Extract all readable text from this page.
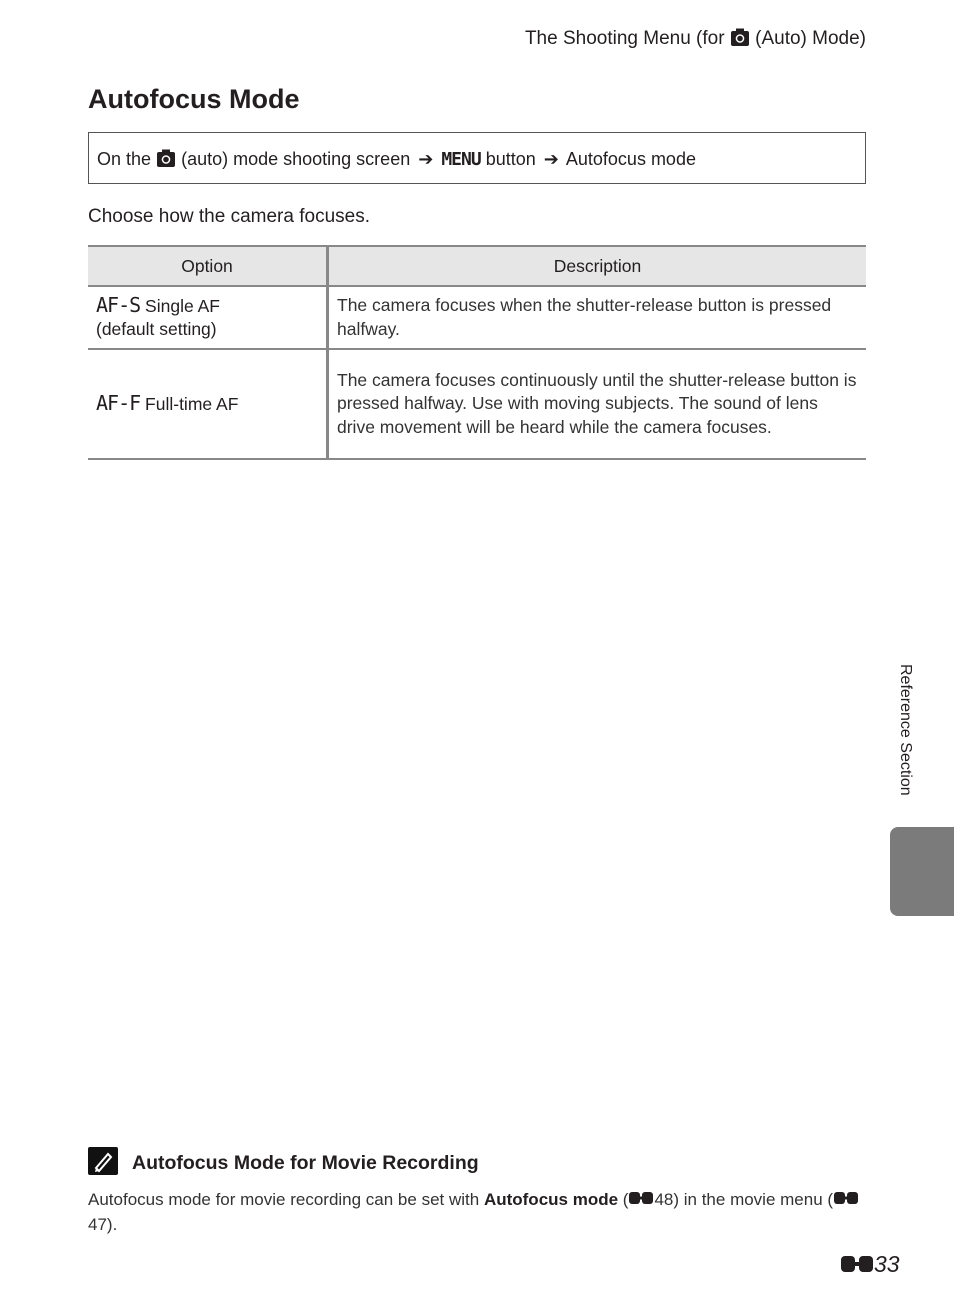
The Shooting Menu (for (Auto) Mode)
Autofocus Mode
On the (auto) mode shooting screen ➔ MENU button ➔ Autofocus mode
Choose how the camera focuses.
Option	Description
AF-S Single AF
(default setting)	The camera focuses when the shutter-release button is pressed halfway.
AF-F Full-time AF	The camera focuses continuously until the shutter-release button is pressed halfway. Use with moving subjects. The sound of lens drive movement will be heard while the camera focuses.
Reference Section
Autofocus Mode for Movie Recording
Autofocus mode for movie recording can be set with Autofocus mode ( 48) in the movie menu (47).
33
